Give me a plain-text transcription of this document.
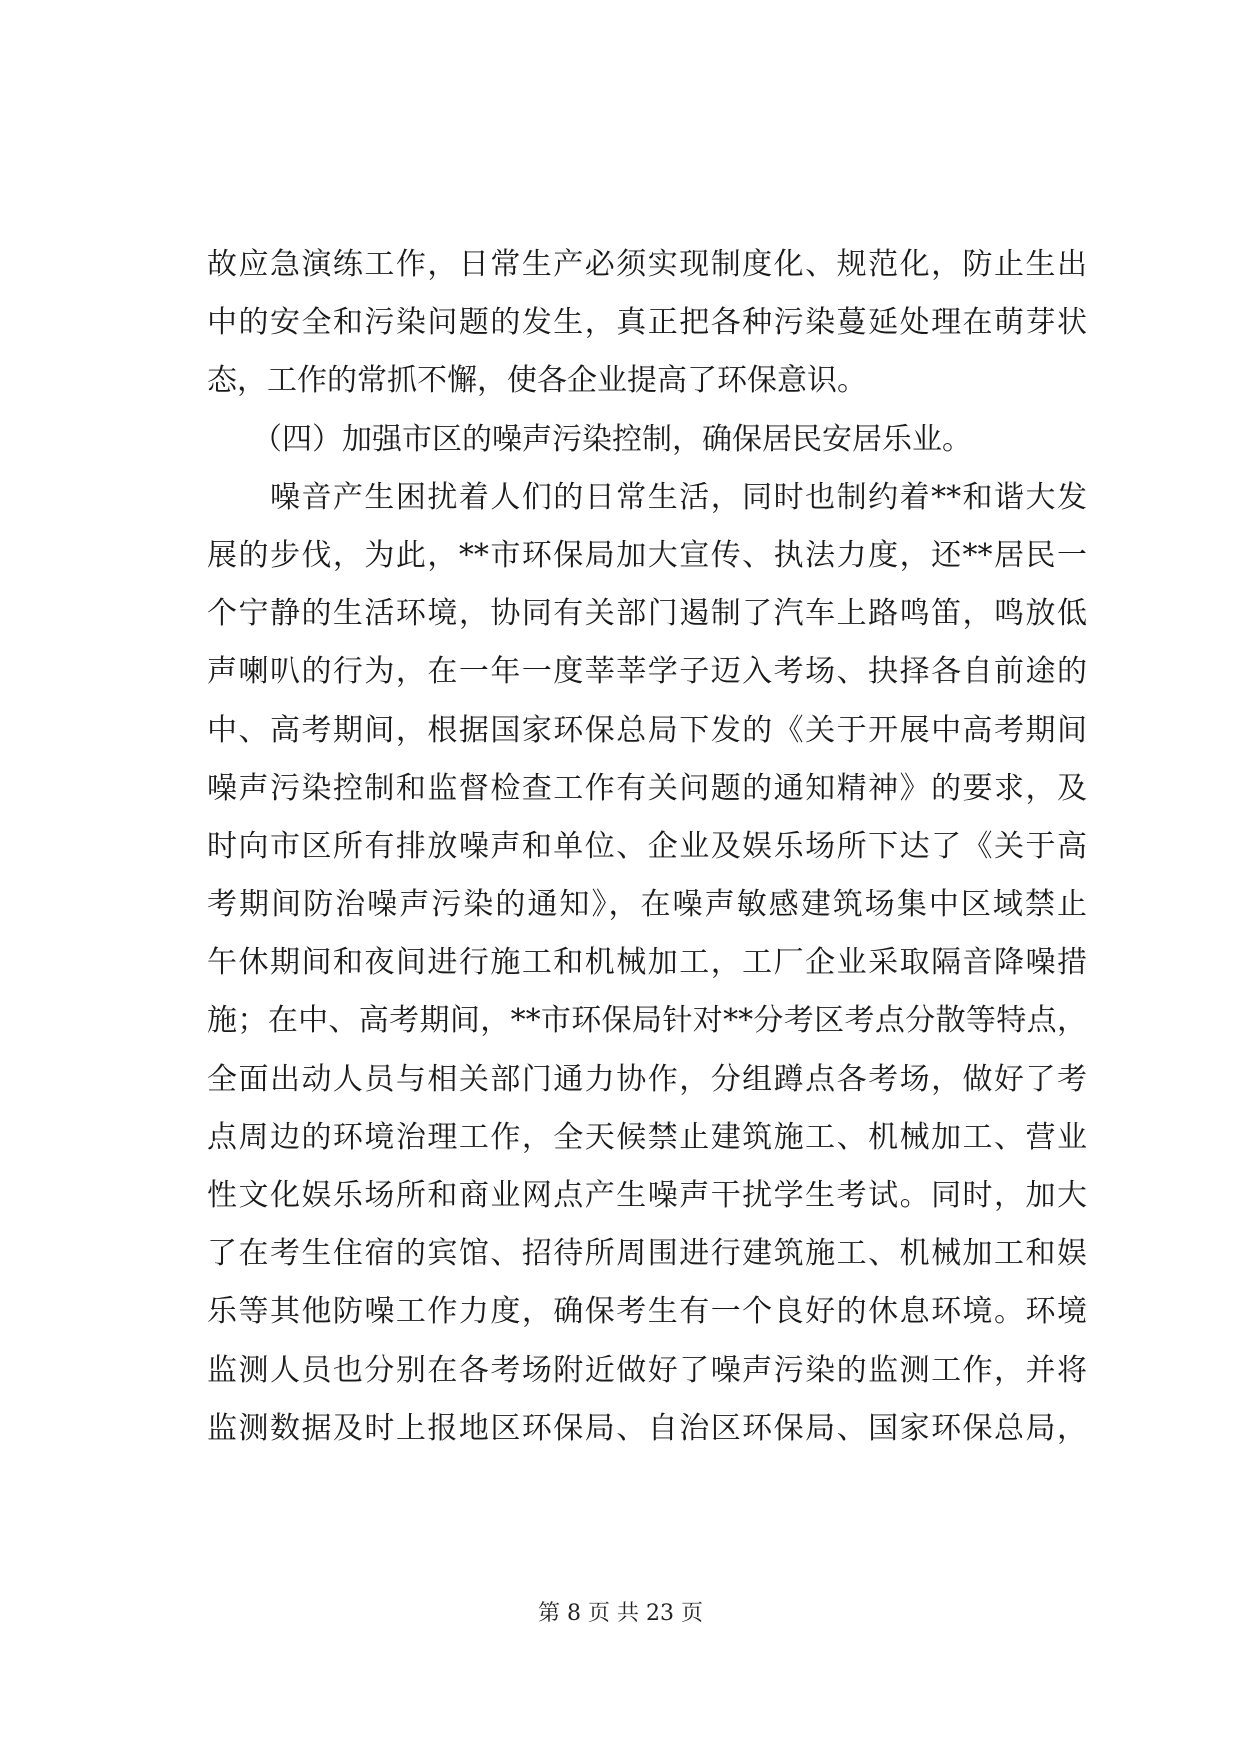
故应急演练工作，日常生产必须实现制度化、规范化，防止生出
中的安全和污染问题的发生，真正把各种污染蔓延处理在萌芽状
态，工作的常抓不懈，使各企业提高了环保意识。
　　（四）加强市区的噪声污染控制，确保居民安居乐业。
　　噪音产生困扰着人们的日常生活，同时也制约着**和谐大发
展的步伐，为此，**市环保局加大宣传、执法力度，还**居民一
个宁静的生活环境，协同有关部门遏制了汽车上路鸣笛，鸣放低
声喇叭的行为，在一年一度莘莘学子迈入考场、抉择各自前途的
中、高考期间，根据国家环保总局下发的《关于开展中高考期间
噪声污染控制和监督检查工作有关问题的通知精神》的要求，及
时向市区所有排放噪声和单位、企业及娱乐场所下达了《关于高
考期间防治噪声污染的通知》，在噪声敏感建筑场集中区域禁止
午休期间和夜间进行施工和机械加工，工厂企业采取隔音降噪措
施；在中、高考期间，**市环保局针对**分考区考点分散等特点，
全面出动人员与相关部门通力协作，分组蹲点各考场，做好了考
点周边的环境治理工作，全天候禁止建筑施工、机械加工、营业
性文化娱乐场所和商业网点产生噪声干扰学生考试。同时，加大
了在考生住宿的宾馆、招待所周围进行建筑施工、机械加工和娱
乐等其他防噪工作力度，确保考生有一个良好的休息环境。环境
监测人员也分别在各考场附近做好了噪声污染的监测工作，并将
监测数据及时上报地区环保局、自治区环保局、国家环保总局，
第 8 页 共 23 页
